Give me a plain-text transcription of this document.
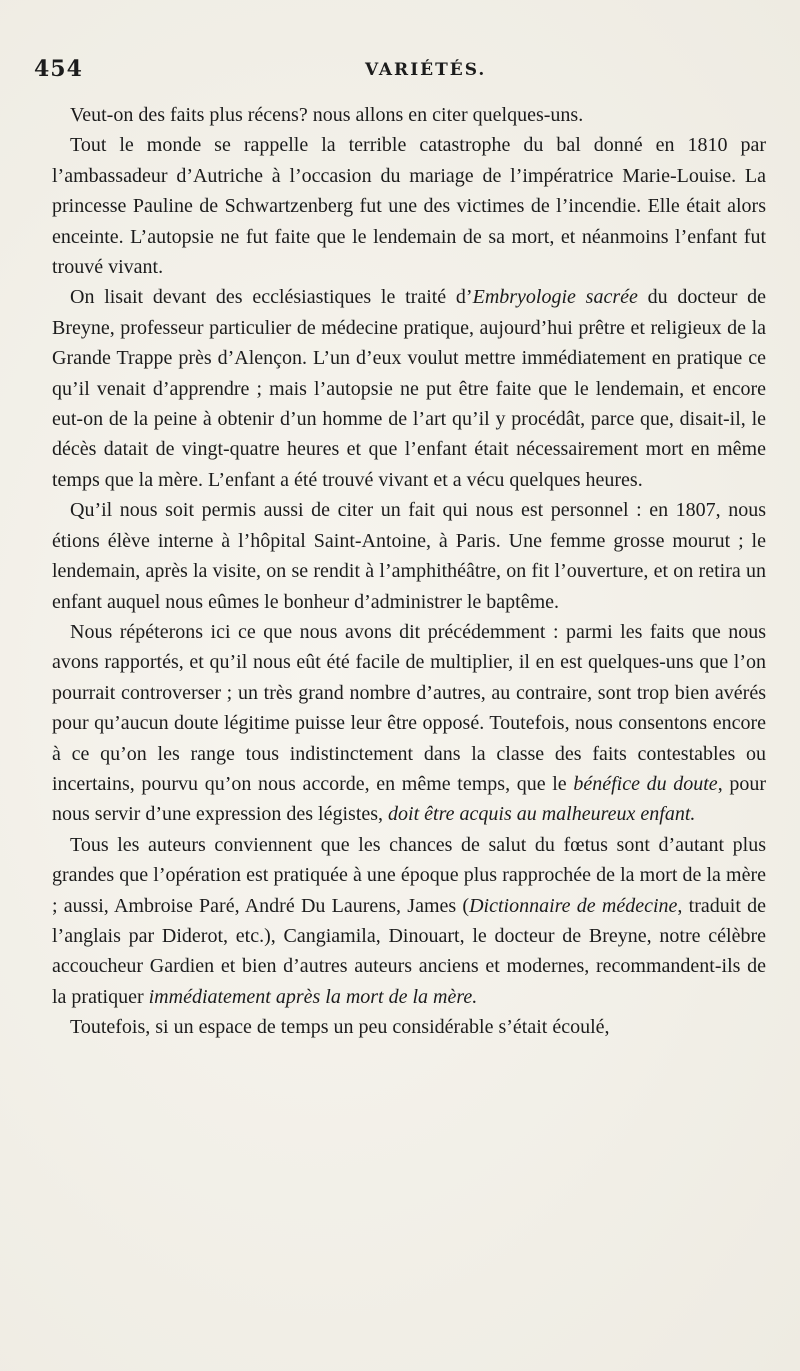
454	VARIÉTÉS.

Veut-on des faits plus récens? nous allons en citer quelques-uns.

Tout le monde se rappelle la terrible catastrophe du bal donné en 1810 par l’ambassadeur d’Autriche à l’occasion du mariage de l’impératrice Marie-Louise. La princesse Pauline de Schwartzenberg fut une des victimes de l’incendie. Elle était alors enceinte. L’autopsie ne fut faite que le lendemain de sa mort, et néanmoins l’enfant fut trouvé vivant.

On lisait devant des ecclésiastiques le traité d’Embryologie sacrée du docteur de Breyne, professeur particulier de médecine pratique, aujourd’hui prêtre et religieux de la Grande Trappe près d’Alençon. L’un d’eux voulut mettre immédiatement en pratique ce qu’il venait d’apprendre ; mais l’autopsie ne put être faite que le lendemain, et encore eut-on de la peine à obtenir d’un homme de l’art qu’il y procédât, parce que, disait-il, le décès datait de vingt-quatre heures et que l’enfant était nécessairement mort en même temps que la mère. L’enfant a été trouvé vivant et a vécu quelques heures.

Qu’il nous soit permis aussi de citer un fait qui nous est personnel : en 1807, nous étions élève interne à l’hôpital Saint-Antoine, à Paris. Une femme grosse mourut ; le lendemain, après la visite, on se rendit à l’amphithéâtre, on fit l’ouverture, et on retira un enfant auquel nous eûmes le bonheur d’administrer le baptême.

Nous répéterons ici ce que nous avons dit précédemment : parmi les faits que nous avons rapportés, et qu’il nous eût été facile de multiplier, il en est quelques-uns que l’on pourrait controverser ; un très grand nombre d’autres, au contraire, sont trop bien avérés pour qu’aucun doute légitime puisse leur être opposé. Toutefois, nous consentons encore à ce qu’on les range tous indistinctement dans la classe des faits contestables ou incertains, pourvu qu’on nous accorde, en même temps, que le bénéfice du doute, pour nous servir d’une expression des légistes, doit être acquis au malheureux enfant.

Tous les auteurs conviennent que les chances de salut du fœtus sont d’autant plus grandes que l’opération est pratiquée à une époque plus rapprochée de la mort de la mère ; aussi, Ambroise Paré, André Du Laurens, James (Dictionnaire de médecine, traduit de l’anglais par Diderot, etc.), Cangiamila, Dinouart, le docteur de Breyne, notre célèbre accoucheur Gardien et bien d’autres auteurs anciens et modernes, recommandent-ils de la pratiquer immédiatement après la mort de la mère.

Toutefois, si un espace de temps un peu considérable s’était écoulé,
